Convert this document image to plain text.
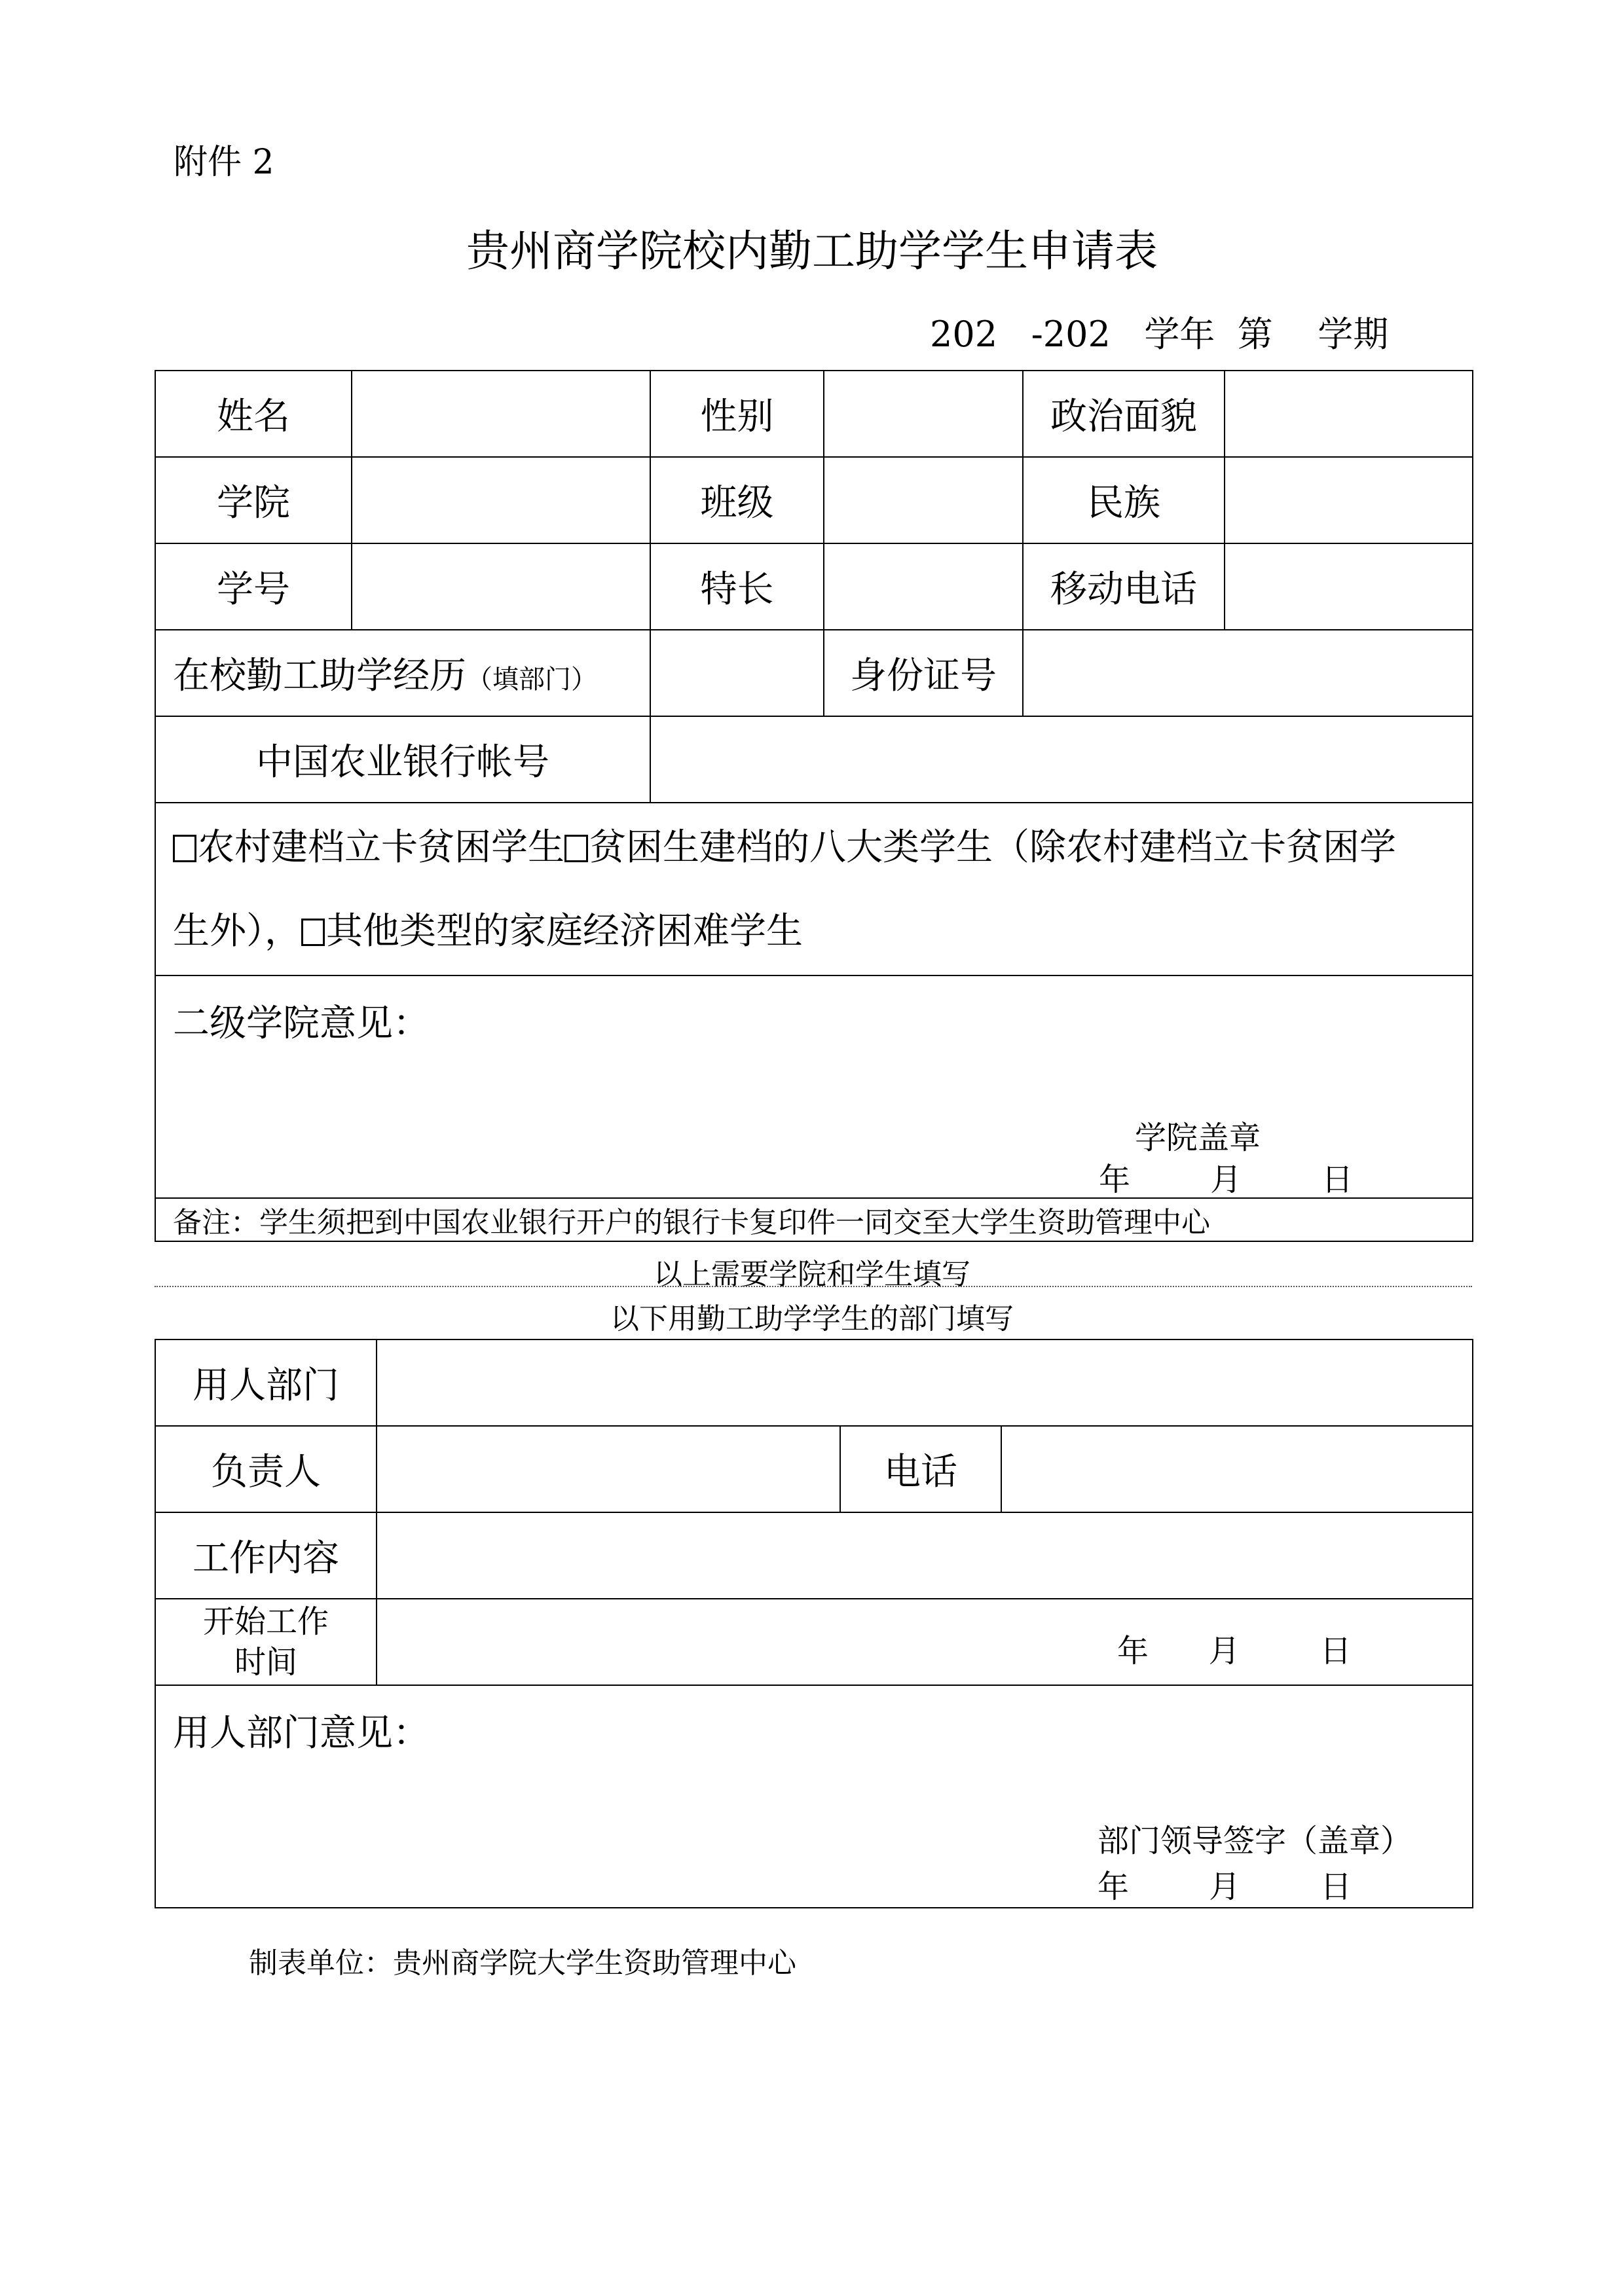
附件 2
贵州商学院校内勤工助学学生申请表
202   -202   学年  第    学期
姓名		性别		政治面貌	
学院		班级		民族	
学号		特长		移动电话	
在校勤工助学经历（填部门）			身份证号		
中国农业银行帐号					

农村建档立卡贫困学生 贫困生建档的八大类学生（除农村建档立卡贫困学
生外）， 其他类型的家庭经济困难学生					

二级学院意见：
学院盖章
年        月        日					

备注：学生须把到中国农业银行开户的银行卡复印件一同交至大学生资助管理中心					
以上需要学院和学生填写
以下用勤工助学学生的部门填写
用人部门			
负责人		电话	
工作内容			

开始工作
时间	年      月        日		

用人部门意见：
部门领导签字（盖章）
年        月        日			
制表单位：贵州商学院大学生资助管理中心
